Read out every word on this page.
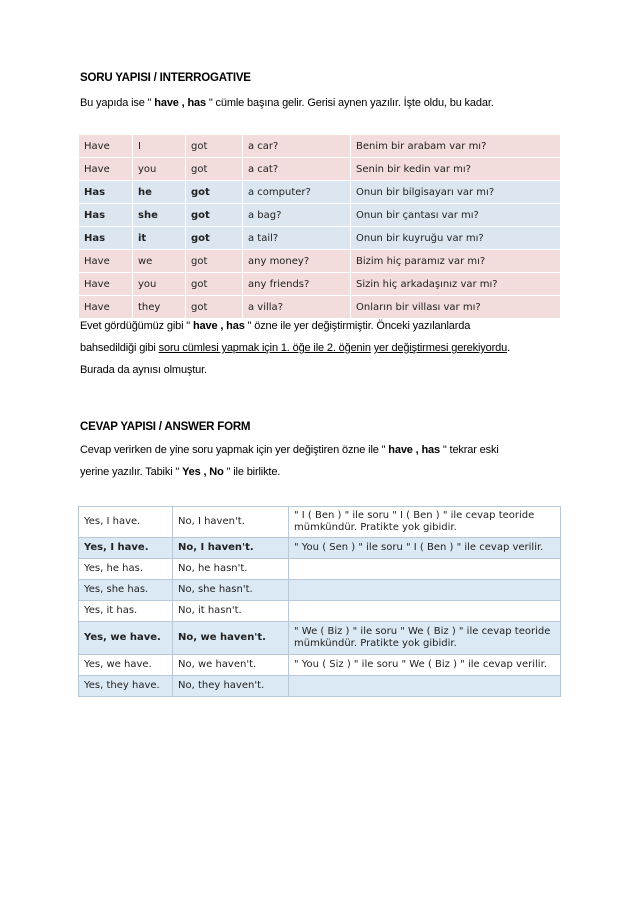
SORU YAPISI / INTERROGATIVE
Bu yapıda ise " have , has " cümle başına gelir. Gerisi aynen yazılır. İşte oldu, bu kadar.
Have	I	got	a car?	Benim bir arabam var mı?
Have	you	got	a cat?	Senin bir kedin var mı?
Has	he	got	a computer?	Onun bir bilgisayarı var mı?
Has	she	got	a bag?	Onun bir çantası var mı?
Has	it	got	a tail?	Onun bir kuyruğu var mı?
Have	we	got	any money?	Bizim hiç paramız var mı?
Have	you	got	any friends?	Sizin hiç arkadaşınız var mı?
Have	they	got	a villa?	Onların bir villası var mı?
Evet gördüğümüz gibi " have , has " özne ile yer değiştirmiştir. Önceki yazılanlarda
bahsedildiği gibi soru cümlesi yapmak için 1. öğe ile 2. öğenin yer değiştirmesi gerekiyordu.
Burada da aynısı olmuştur.
CEVAP YAPISI / ANSWER FORM
Cevap verirken de yine soru yapmak için yer değiştiren özne ile " have , has " tekrar eski
yerine yazılır. Tabiki " Yes , No " ile birlikte.
Yes, I have.	No, I haven't.	" I ( Ben ) " ile soru " I ( Ben ) " ile cevap teoride mümkündür. Pratikte yok gibidir.
Yes, I have.	No, I haven't.	" You ( Sen ) " ile soru " I ( Ben ) " ile cevap verilir.
Yes, he has.	No, he hasn't.	
Yes, she has.	No, she hasn't.	
Yes, it has.	No, it hasn't.	
Yes, we have.	No, we haven't.	" We ( Biz ) " ile soru " We ( Biz ) " ile cevap teoride mümkündür. Pratikte yok gibidir.
Yes, we have.	No, we haven't.	" You ( Siz ) " ile soru " We ( Biz ) " ile cevap verilir.
Yes, they have.	No, they haven't.	
